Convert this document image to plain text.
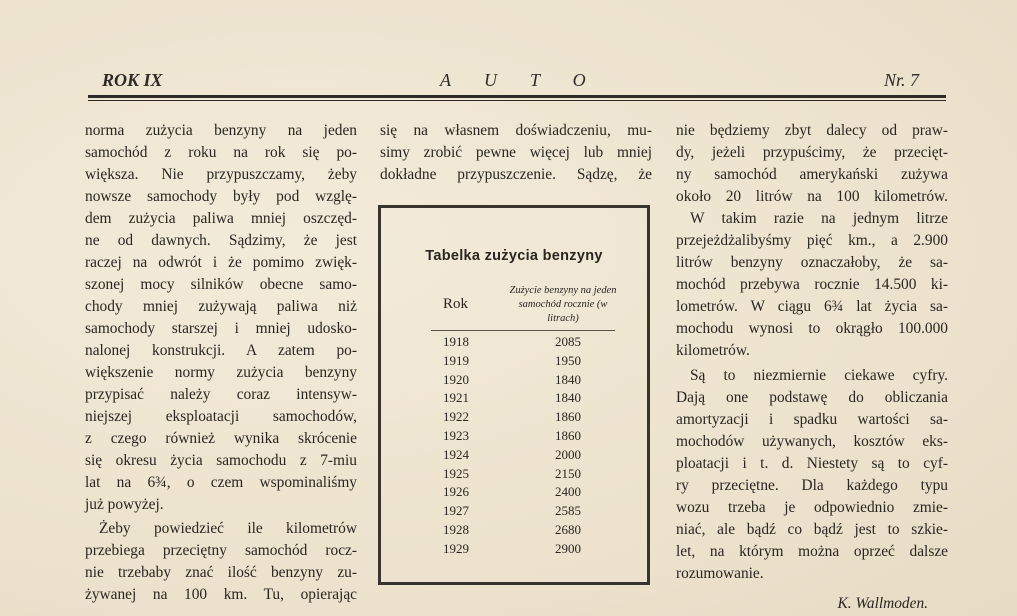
ROK IX	AUTO	Nr. 7

norma zużycia benzyny na jeden
samochód z roku na rok się po-
większa. Nie przypuszczamy, żeby
nowsze samochody były pod wzglę-
dem zużycia paliwa mniej oszczęd-
ne od dawnych. Sądzimy, że jest
raczej na odwrót i że pomimo zwięk-
szonej mocy silników obecne samo-
chody mniej zużywają paliwa niż
samochody starszej i mniej udosko-
nalonej konstrukcji. A zatem po-
większenie normy zużycia benzyny
przypisać należy coraz intensyw-
niejszej eksploatacji samochodów,
z czego również wynika skrócenie
się okresu życia samochodu z 7-miu
lat na 6¾, o czem wspominaliśmy
już powyżej.

Żeby powiedzieć ile kilometrów
przebiega przeciętny samochód rocz-
nie trzebaby znać ilość benzyny zu-
żywanej na 100 km. Tu, opierając

się na własnem doświadczeniu, mu-
simy zrobić pewne więcej lub mniej
dokładne przypuszczenie. Sądzę, że

Tabelka zużycia benzyny
Rok
Zużycie benzyny na jeden samochód rocznie (w litrach)
1918	2085
1919	1950
1920	1840
1921	1840
1922	1860
1923	1860
1924	2000
1925	2150
1926	2400
1927	2585
1928	2680
1929	2900

nie będziemy zbyt dalecy od praw-
dy, jeżeli przypuścimy, że przecięt-
ny samochód amerykański zużywa
około 20 litrów na 100 kilometrów.
W takim razie na jednym litrze
przejeżdżalibyśmy pięć km., a 2.900
litrów benzyny oznaczałoby, że sa-
mochód przebywa rocznie 14.500 ki-
lometrów. W ciągu 6¾ lat życia sa-
mochodu wynosi to okrągło 100.000
kilometrów.

Są to niezmiernie ciekawe cyfry.
Dają one podstawę do obliczania
amortyzacji i spadku wartości sa-
mochodów używanych, kosztów eks-
ploatacji i t. d. Niestety są to cyf-
ry przeciętne. Dla każdego typu
wozu trzeba je odpowiednio zmie-
niać, ale bądź co bądź jest to szkie-
let, na którym można oprzeć dalsze
rozumowanie.

K. Wallmoden.
